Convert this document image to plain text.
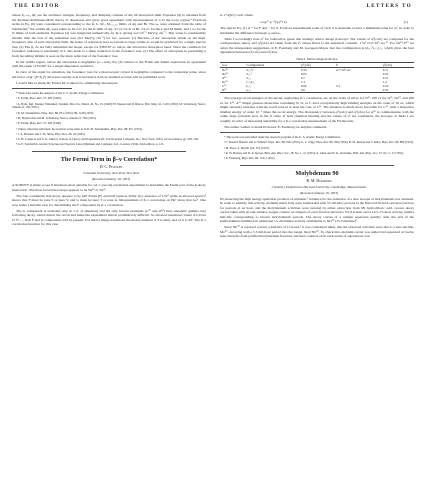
THE EDITOR	LETTERS TO

where θₒ, ωₒ, 2βₒ are the oscillator strength, frequency, and damping constant of the ith absorption limit. Equation (6) is obtained from the Kramers-Kallmann-Mark theory of dispersion and gives good agreement with measurements of n in the x-ray region.⁸ Fractions terms in Eq. (6) were considered corresponding to the K, L, M₁, M₂,₃,₄,₅ limits of Ag and Br. The ωₒ were obtained from the table of Sandström;⁹ the widths 2βₒ were taken as 10.2 ev for the K limit of Ag, 4.7 ev for K of Br, 3.2 ev for the L and M limits, and 1 ev for the N limits of both elements. Equation (5) was integrated numerically for β=1, giving 2.2×10⁻² MeV/g cm⁻². This value is considerably smaller than the loss of the ionization loss (0.2 MeV/g cm⁻²) for two reasons: (1) Because of the absorption bands on the high-frequency side of each absorption limit, the index of refraction does not attain as large values as would be predicted for a single narrow line. (2) The βₒ do not fully determine the shape, except for β≪0.67 ev below the ultraviolet absorption band. Since the condition for Čerenkov radiation is essentially n>1, this leads to a sharp reduction of the Čerenkov loss. (2) The effect of absorption in preventing n from becoming infinite is seen as the sharp reduction of the Čerenkov loss.

In the visible region, where the absorption is negligible (ω→real), Eq. (3) reduces to the Frank and Tamm expression, in agreement with the result of Fermi¹ for a single dispersion oscillator.

In view of the result for emulsion, the Čerenkov loss for a macroscopic crystal is negligible compared to the ionization pulse, since the factor exp[−(β−β₀)²] decreases rapidly as β is increased. A more detailed account will be published soon.

I would like to thank Dr. Ernest M. Connect for stimulating discussions.

* Work done under the auspices of the U. S. Atomic Energy Commission.

¹ E. Fermi, Phys. Rev. 57, 485 (1940).

² A. Bohr, Kgl. Danske Videnskab. Selskab, Mat.-fys. Medd. 24, No. 19 (1948); H. Messel and D. Ritson, Phil. Mag. 41, 1129 (1950); M. Schönberg, Nuovo cimento 8, 159 (1951).

³ R. M. Sternheimer, Phys. Rev. 88, 851 (1952); 89, 1148 (1953).

⁴ M. Huybrechts and M. Schönberg, Nuovo cimento 9, 764 (1952).

⁵ E. Fermi, Phys. Rev. 57, 485 (1940).

⁶ Unless otherwise indicated, the notation is the same as in R. M. Sternheimer, Phys. Rev. 88, 851 (1952).

⁷ J. A. Bearden and C. H. Shaw, Phys. Rev. 48, 18 (1935).

⁸ A. H. Compton and S. K. Allison, X-Rays in Theory and Experiment (D. Van Nostrand Company, Inc., New York, 1935), second edition, pp. 263, 540.

⁹ A. E. Sandström, Atomic Structure and Spectral Lines (Methuen and Company, Ltd., London, 1934), third edition, p. 121.

The Fermi Term in β–ν Correlation*

D. C. Peaslee

Columbia University, New York, New York

(Received January 19, 1953)

A SURVEY is made to see if situations most suitable for a β–ν (recoil) correlation experiment to determine the Fermi part of the β-decay interaction. The most favorable isotope appears to be Ne¹⁹ or Ne²³.

The four continuum in β-decay appears to be half Fermi (F) and half Gamow-Teller (G). Absence of 1/W² terms in allowed spectra² shows that F must be pure S or pure V, and G must be pure T or pure A. Measurement of β–ν correlation on He⁶ show that Ge⁶. One now seeks a suitable case for determining the F component by β–ν correlation.

The G component is excluded only in a 0→0 (mesilon) and the only known examples (C¹⁰ and O¹⁴) have energetic gamma rays following decay, which distort the recoil and make the experiment almost prohibitively difficult. So allowed transitions where ΔJ=0 but J≠J′≠ ..., both F and G components will be present. For mirror image transitions the matrix element of F is unity and of G is M². The β–ν correlation function for this case

is 1+a(β/c) cosθ, where

a=(φ²−φ−¹)/(φ²+1).	(1)

The sign in Eq. (1) is + for F and − for S. From an experimental point of view it is desirable to have a minimum value for φ², in order to maximize the difference between aₐ and aₛ.

Table I accordingly lists φ² for radioactive gases that undergo mirror image β-decays. The values of φ²(calc) are computed for the configurations listed, and φ²(obs) are taken from the ft values fitted to the empirical constant. 1+φ²=5.2×10³ sec.⁵⁷ For Ne¹⁹–F¹⁹ we adopt the independent suggestions of E. Feenberg and M. Goeppert-Mayer that the configuration is (d₅/₂²s₁/₂)₁/₂, which gives the best agreement between φ²(calc) and φ²(obs).

Table I. Mirror image β-decays.
Gas	Configuration	φ²(calc)	ft	φ²(obs)
Ne¹⁹	d₅/₂²s	0.33	4.7×10³ sec	0.11
Ne²³	d₅/₂³	0.03		0.03
A³⁵	d₃/₂	0.7		0.21
Kr⁷⁹	f₇/₂d₅/₂	1.4		1.4
C¹¹	p₃/₂	0.60	3.4	0.23
N¹³	p₁/₂	0.6		0.35

The average recoil energies of the nuclei, neglecting β–ν correlation, are on the order of 60 ev for N¹³, 100 ev for O¹⁵, Ne¹⁹, and 200 ev for C¹¹. A³⁵ Single gaseous molecules containing N, O, or C have exceptionally high binding energies on the order of 10 ev, which might seriously interfere with the recoil ions in at least the case of C¹¹. The situation is much more favorable for C¹¹, with a molecular binding energy of order 10⁻² times the recoil energy. The discrepancy between φ²(calc) and φ²(obs) for A³⁵ is commensurate with the rather large probable error in the ft value. If both chemical binding and the values of φ² are considered, the isotopes of Table I are roughly in order of increasing suitability for a β–ν correlation measurement of the Fermi term.

The author wishes to thank Professor E. Feenberg for helpful comments.

* This work was performed under the research program of the U. S. Atomic Energy Commission.

¹ C. Rustad, Hansen and A. Winther, Phys. Rev. 86, 629 (1952); G. L. Trigg, Phys. Rev. 86, 506 (1952); B. M. Rustad and S. Ruby, Phys. Rev. 89, 880 (1953).

² M. Fierz, Z. Physik 104, 553 (1937).

³ R. W. Bonner and D. A. Sprout, Bull. Am. Phys. Soc. 28, No. 1, 41 (1953); A. Allen and W. K. Jentschke, Bull. Am. Phys. Soc. 27, No. 5, 17 (1952).

⁴ E. Feenberg, Phys. Rev. 84, 1161 (1951).

Molybdenum 90

R. M. Diamond

Chemistry Department, Harvard University, Cambridge, Massachusetts

(Received January 19, 1953)

IN observing the high energy spallation products of niobium,¹ evidence for the existence of a new isotope of molybdenum was obtained. In order to identify this activity, niobium metal foils were bombarded with 55–60-Mev protons in the Harvard 95-inch synchrocyclotron for periods of an hour, and the molybdenum activities were isolated by either extraction from 6N hydrochloric acid. Grown decay curves taken with an end-window Geiger counter on aliquots of each fraction showed a 5.5-6.0-hour and a 14.5–15-hour activity, neither half-life corresponding to known molybdenum periods. The decay curves of a sample separated quickly after the end of the bombardment exhibited an additional 15–20-minute activity attributable to Mo⁹³ (15.5 minutes)².

Since Nb⁹⁰ is reported to have a half-life of 15 hours,³ it was considered likely that the observed activities were due to a new nuclide, Mo⁹⁰, decaying with a 5.5-6.0-hour period into the longer lived Nb⁹⁰. To check this, niobium carrier was added and separated at twelve hour intervals from purified molybdenum fractions and then counted. Over each series of separations was
